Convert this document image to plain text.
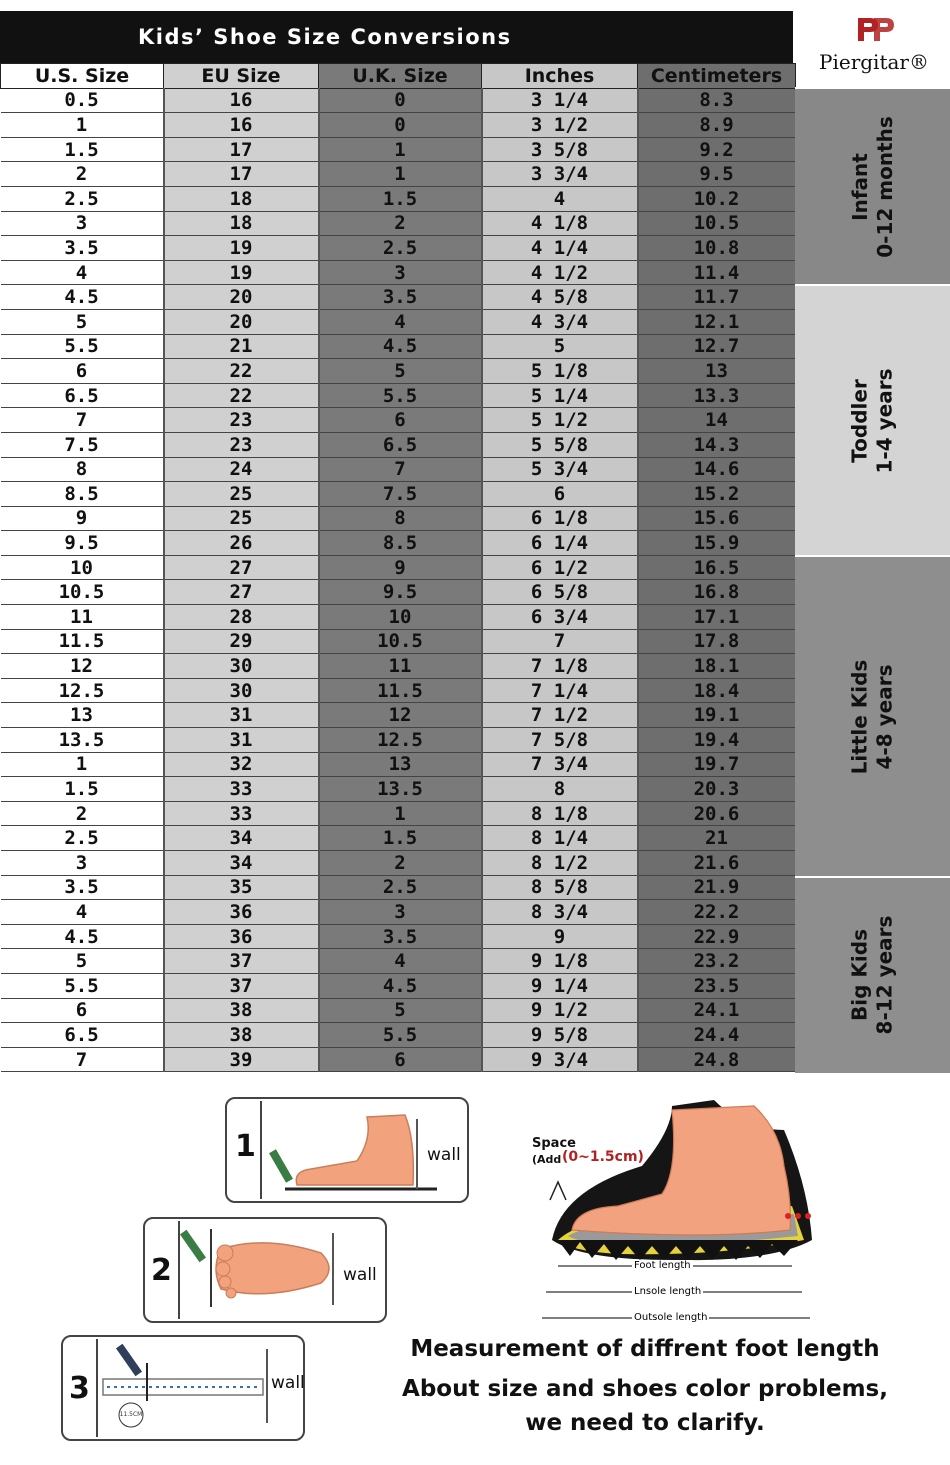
Kids’ Shoe Size Conversions
Piergitar®
U.S. Size	EU Size	U.K. Size	Inches	Centimeters
0.5	16	0	3 1/4	8.3
1	16	0	3 1/2	8.9
1.5	17	1	3 5/8	9.2
2	17	1	3 3/4	9.5
2.5	18	1.5	4	10.2
3	18	2	4 1/8	10.5
3.5	19	2.5	4 1/4	10.8
4	19	3	4 1/2	11.4
4.5	20	3.5	4 5/8	11.7
5	20	4	4 3/4	12.1
5.5	21	4.5	5	12.7
6	22	5	5 1/8	13
6.5	22	5.5	5 1/4	13.3
7	23	6	5 1/2	14
7.5	23	6.5	5 5/8	14.3
8	24	7	5 3/4	14.6
8.5	25	7.5	6	15.2
9	25	8	6 1/8	15.6
9.5	26	8.5	6 1/4	15.9
10	27	9	6 1/2	16.5
10.5	27	9.5	6 5/8	16.8
11	28	10	6 3/4	17.1
11.5	29	10.5	7	17.8
12	30	11	7 1/8	18.1
12.5	30	11.5	7 1/4	18.4
13	31	12	7 1/2	19.1
13.5	31	12.5	7 5/8	19.4
1	32	13	7 3/4	19.7
1.5	33	13.5	8	20.3
2	33	1	8 1/8	20.6
2.5	34	1.5	8 1/4	21
3	34	2	8 1/2	21.6
3.5	35	2.5	8 5/8	21.9
4	36	3	8 3/4	22.2
4.5	36	3.5	9	22.9
5	37	4	9 1/8	23.2
5.5	37	4.5	9 1/4	23.5
6	38	5	9 1/2	24.1
6.5	38	5.5	9 5/8	24.4
7	39	6	9 3/4	24.8
Infant 0-12 months
Toddler 1-4 years
Little Kids 4-8 years
Big Kids 8-12 years
1	wall
2	wall
3
11.5CM
wall
Space
(Add (0~1.5cm)
Foot length
Lnsole length
Outsole length
Measurement of diffrent foot length
About size and shoes color problems,
we need to clarify.
